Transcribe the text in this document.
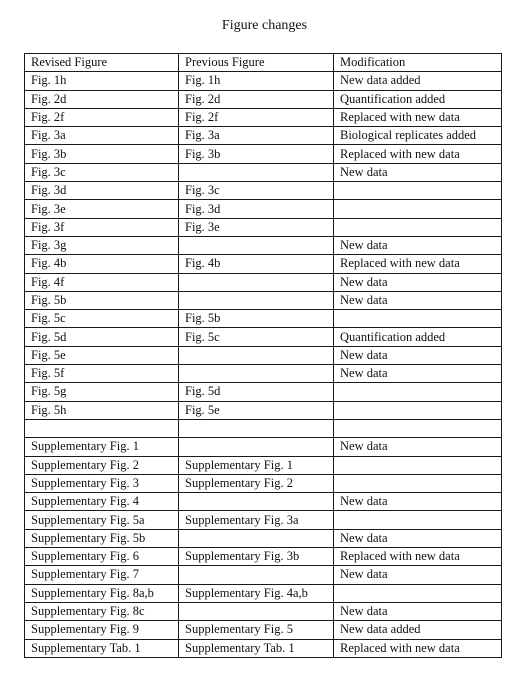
Figure changes
Revised Figure	Previous Figure	Modification
Fig. 1h	Fig. 1h	New data added
Fig. 2d	Fig. 2d	Quantification added
Fig. 2f	Fig. 2f	Replaced with new data
Fig. 3a	Fig. 3a	Biological replicates added
Fig. 3b	Fig. 3b	Replaced with new data
Fig. 3c		New data
Fig. 3d	Fig. 3c	
Fig. 3e	Fig. 3d	
Fig. 3f	Fig. 3e	
Fig. 3g		New data
Fig. 4b	Fig. 4b	Replaced with new data
Fig. 4f		New data
Fig. 5b		New data
Fig. 5c	Fig. 5b	
Fig. 5d	Fig. 5c	Quantification added
Fig. 5e		New data
Fig. 5f		New data
Fig. 5g	Fig. 5d	
Fig. 5h	Fig. 5e	

Supplementary Fig. 1		New data
Supplementary Fig. 2	Supplementary Fig. 1	
Supplementary Fig. 3	Supplementary Fig. 2	
Supplementary Fig. 4		New data
Supplementary Fig. 5a	Supplementary Fig. 3a	
Supplementary Fig. 5b		New data
Supplementary Fig. 6	Supplementary Fig. 3b	Replaced with new data
Supplementary Fig. 7		New data
Supplementary Fig. 8a,b	Supplementary Fig. 4a,b	
Supplementary Fig. 8c		New data
Supplementary Fig. 9	Supplementary Fig. 5	New data added
Supplementary Tab. 1	Supplementary Tab. 1	Replaced with new data
